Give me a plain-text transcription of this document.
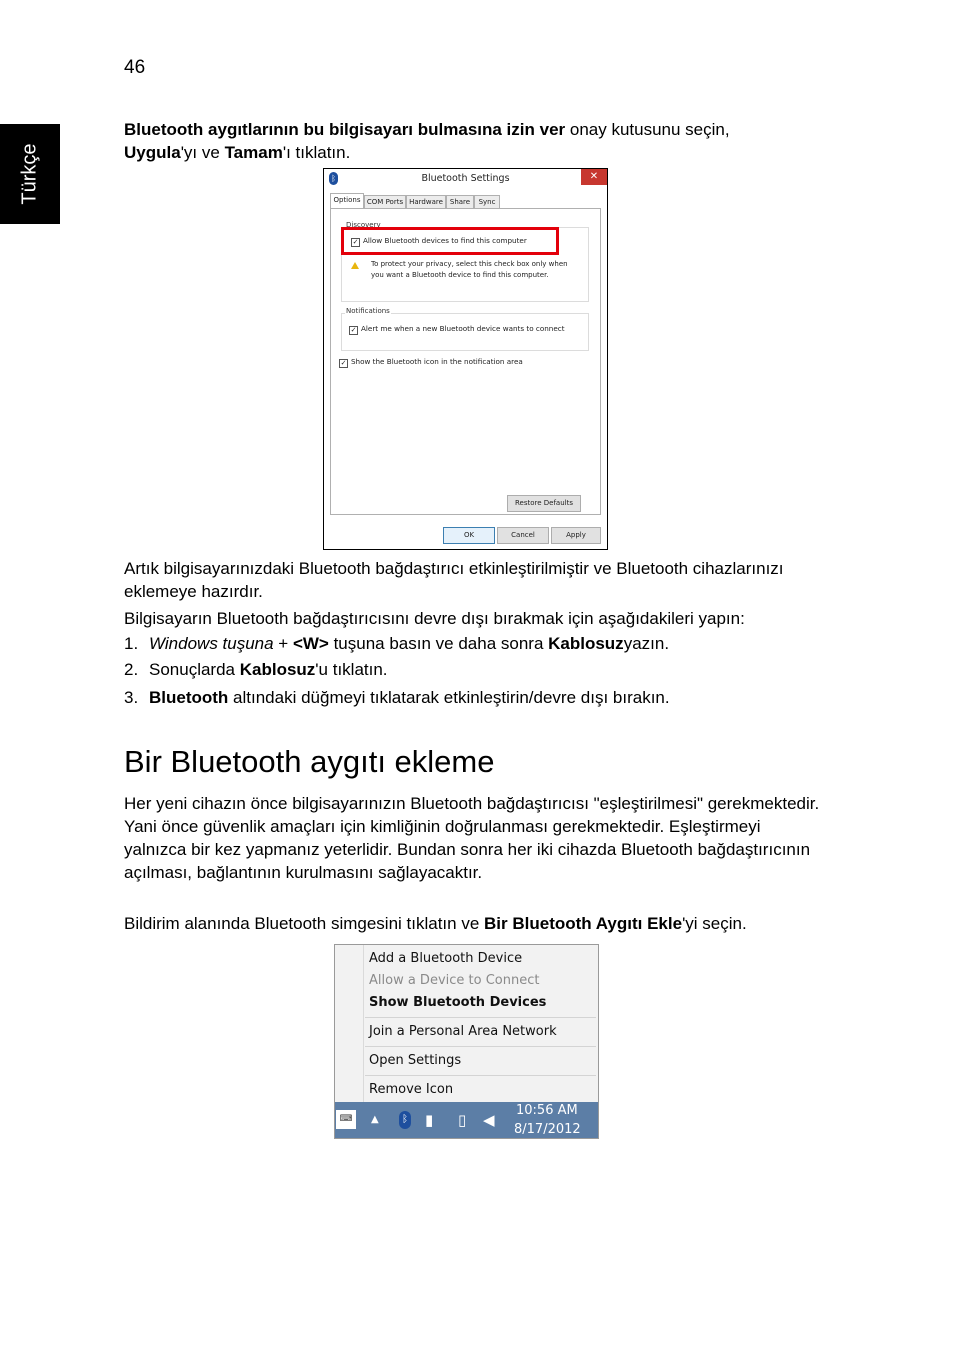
46
Türkçe
Bluetooth aygıtlarının bu bilgisayarı bulmasına izin ver onay kutusunu seçin,
Uygula'yı ve Tamam'ı tıklatın.
ᛒ	Bluetooth Settings	✕
Options COM Ports Hardware	Share	Sync
Discovery
✓ Allow Bluetooth devices to find this computer
To protect your privacy, select this check box only when you want a Bluetooth device to find this computer.
Notifications
✓ Alert me when a new Bluetooth device wants to connect
✓ Show the Bluetooth icon in the notification area
Restore Defaults
OK	Cancel	Apply
Artık bilgisayarınızdaki Bluetooth bağdaştırıcı etkinleştirilmiştir ve Bluetooth cihazlarınızı eklemeye hazırdır.
Bilgisayarın Bluetooth bağdaştırıcısını devre dışı bırakmak için aşağıdakileri yapın:
1. Windows tuşuna + <W> tuşuna basın ve daha sonra Kablosuzyazın.
2. Sonuçlarda Kablosuz'u tıklatın.
3. Bluetooth altındaki düğmeyi tıklatarak etkinleştirin/devre dışı bırakın.
Bir Bluetooth aygıtı ekleme
Her yeni cihazın önce bilgisayarınızın Bluetooth bağdaştırıcısı "eşleştirilmesi" gerekmektedir. Yani önce güvenlik amaçları için kimliğinin doğrulanması gerekmektedir. Eşleştirmeyi yalnızca bir kez yapmanız yeterlidir. Bundan sonra her iki cihazda Bluetooth bağdaştırıcının açılması, bağlantının kurulmasını sağlayacaktır.
Bildirim alanında Bluetooth simgesini tıklatın ve Bir Bluetooth Aygıtı Ekle'yi seçin.
Add a Bluetooth Device
Allow a Device to Connect
Show Bluetooth Devices
Join a Personal Area Network
Open Settings
Remove Icon
⌨	▲	ᛒ ▮ ▯ ◀
10:56 AM
8/17/2012
